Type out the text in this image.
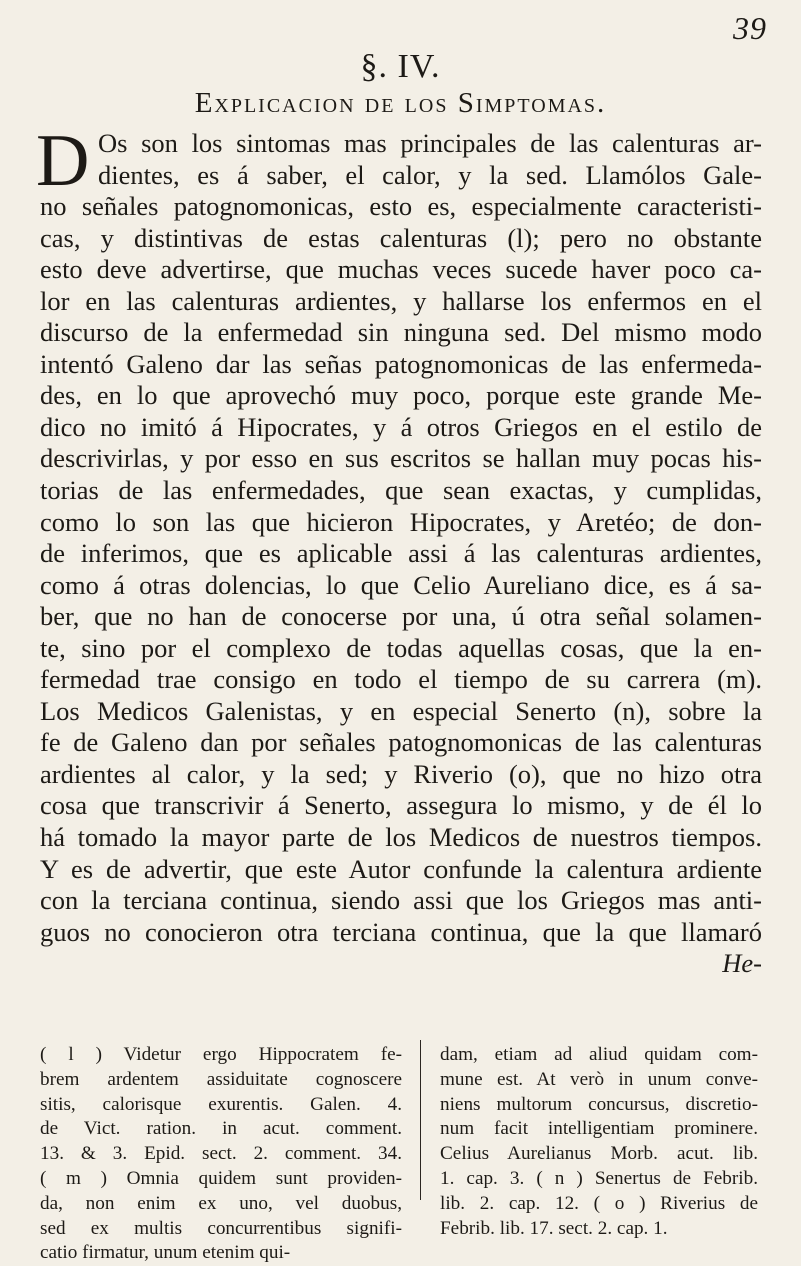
39
§. IV.
Explicacion de los Simptomas.
D Os son los sintomas mas principales de las calenturas ar-
dientes, es á saber, el calor, y la sed. Llamólos Gale-
no señales patognomonicas, esto es, especialmente caracteristi-
cas, y distintivas de estas calenturas (l); pero no obstante
esto deve advertirse, que muchas veces sucede haver poco ca-
lor en las calenturas ardientes, y hallarse los enfermos en el
discurso de la enfermedad sin ninguna sed. Del mismo modo
intentó Galeno dar las señas patognomonicas de las enfermeda-
des, en lo que aprovechó muy poco, porque este grande Me-
dico no imitó á Hipocrates, y á otros Griegos en el estilo de
descrivirlas, y por esso en sus escritos se hallan muy pocas his-
torias de las enfermedades, que sean exactas, y cumplidas,
como lo son las que hicieron Hipocrates, y Aretéo; de don-
de inferimos, que es aplicable assi á las calenturas ardientes,
como á otras dolencias, lo que Celio Aureliano dice, es á sa-
ber, que no han de conocerse por una, ú otra señal solamen-
te, sino por el complexo de todas aquellas cosas, que la en-
fermedad trae consigo en todo el tiempo de su carrera (m).
Los Medicos Galenistas, y en especial Senerto (n), sobre la
fe de Galeno dan por señales patognomonicas de las calenturas
ardientes al calor, y la sed; y Riverio (o), que no hizo otra
cosa que transcrivir á Senerto, assegura lo mismo, y de él lo
há tomado la mayor parte de los Medicos de nuestros tiempos.
Y es de advertir, que este Autor confunde la calentura ardiente
con la terciana continua, siendo assi que los Griegos mas anti-
guos no conocieron otra terciana continua, que la que llamaró
He-
( l ) Videtur ergo Hippocratem fe-
brem ardentem assiduitate cognoscere
sitis, calorisque exurentis. Galen. 4.
de Vict. ration. in acut. comment.
13. & 3. Epid. sect. 2. comment. 34.
( m ) Omnia quidem sunt providen-
da, non enim ex uno, vel duobus,
sed ex multis concurrentibus signifi-
catio firmatur, unum etenim qui-
dam, etiam ad aliud quidam com-
mune est. At verò in unum conve-
niens multorum concursus, discretio-
num facit intelligentiam prominere.
Celius Aurelianus Morb. acut. lib.
1. cap. 3. ( n ) Senertus de Febrib.
lib. 2. cap. 12. ( o ) Riverius de
Febrib. lib. 17. sect. 2. cap. 1.
